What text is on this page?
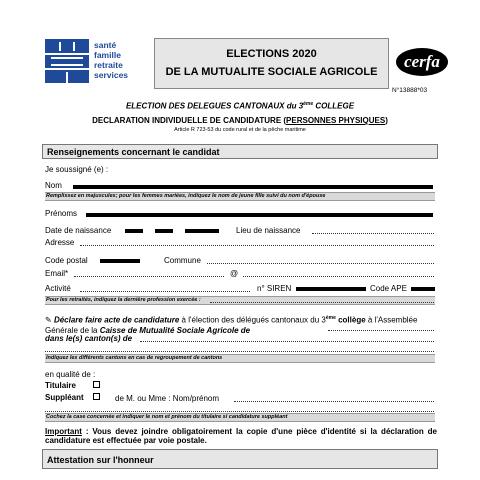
santé
famille
retraite
services
ELECTIONS 2020
DE LA MUTUALITE SOCIALE AGRICOLE
cerfa
N°13888*03
ELECTION DES DELEGUES CANTONAUX du 3ème COLLEGE
DECLARATION INDIVIDUELLE DE CANDIDATURE (PERSONNES PHYSIQUES)
Article R 723-53 du code rural et de la pêche maritime
Renseignements concernant le candidat
Je soussigné (e) :
Nom
Remplissez en majuscules; pour les femmes mariées, indiquez le nom de jeune fille suivi du nom d'épouse
Prénoms
Date de naissance	Lieu de naissance
Adresse
Code postal	Commune
Email*	@
Activité	n° SIREN	Code APE
Pour les retraités, indiquez la dernière profession exercée :
✎ Déclare faire acte de candidature à l'élection des délégués cantonaux du 3ème collège à l'Assemblée Générale de la Caisse de Mutualité Sociale Agricole de
dans le(s) canton(s) de
Indiquez les différents cantons en cas de regroupement de cantons
en qualité de :
Titulaire
Suppléant	de M. ou Mme : Nom/prénom
Cochez la case concernée et indiquer le nom et prénom du titulaire si candidature suppléant
Important : Vous devez joindre obligatoirement la copie d'une pièce d'identité si la déclaration de candidature est effectuée par voie postale.
Attestation sur l'honneur
